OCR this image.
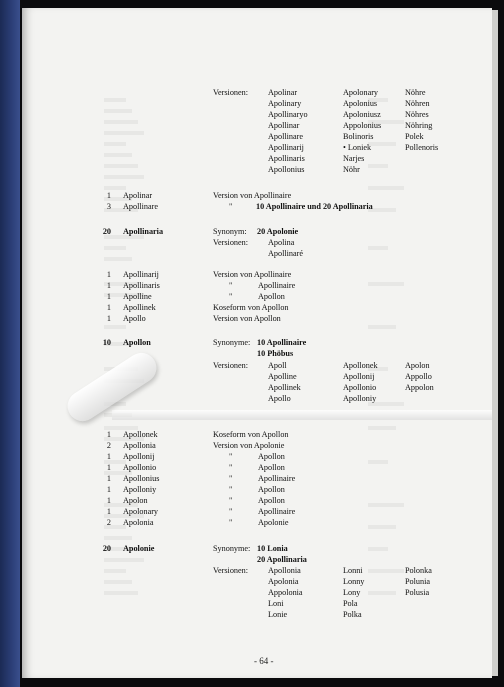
Versionen: Apolinar	Apolonary	Nöhre
Apolinary	Apolonius	Nöhren
Apollinaryo	Apoloniusz	Nöhres
Apollinar	Appolonius	Nöhring
Apollinare	Bolinoris	Polek
Apollinarij	• Loniek	Pollenoris
Apollinaris	Narjes
Apollonius	Nöhr
1 Apolinar	Version von Apollinaire
3 Apollinare	"	10 Apollinaire und 20 Apollinaria
20 Apollinaria	Synonym: 20 Apolonie
Versionen: Apolina
Apollinaré
1 Apollinarij	Version von Apollinaire
1 Apollinaris	"	Apollinaire
1 Apolline	"	Apollon
1 Apollinek	Koseform von Apollon
1 Apollo	Version von Apollon
10 Apollon	Synonyme: 10 Apollinaire
10 Phöbus
Versionen: Apoll	Apollonek	Apolon
Apolline	Apollonij	Appollo
Apollinek	Apollonio	Appolon
Apollo	Apolloniy
1 Apollonek	Koseform von Apollon
2 Apollonia	Version von Apolonie
1 Apollonij	"	Apollon
1 Apollonio	"	Apollon
1 Apollonius	"	Apollinaire
1 Apolloniy	"	Apollon
1 Apolon	"	Apollon
1 Apolonary	"	Apollinaire
2 Apolonia	"	Apolonie
20 Apolonie	Synonyme: 10 Lonia
20 Apollinaria
Versionen: Apollonia	Lonni	Polonka
Apolonia	Lonny	Polunia
Appolonia	Lony	Polusia
Loni	Pola
Lonie	Polka
- 64 -
